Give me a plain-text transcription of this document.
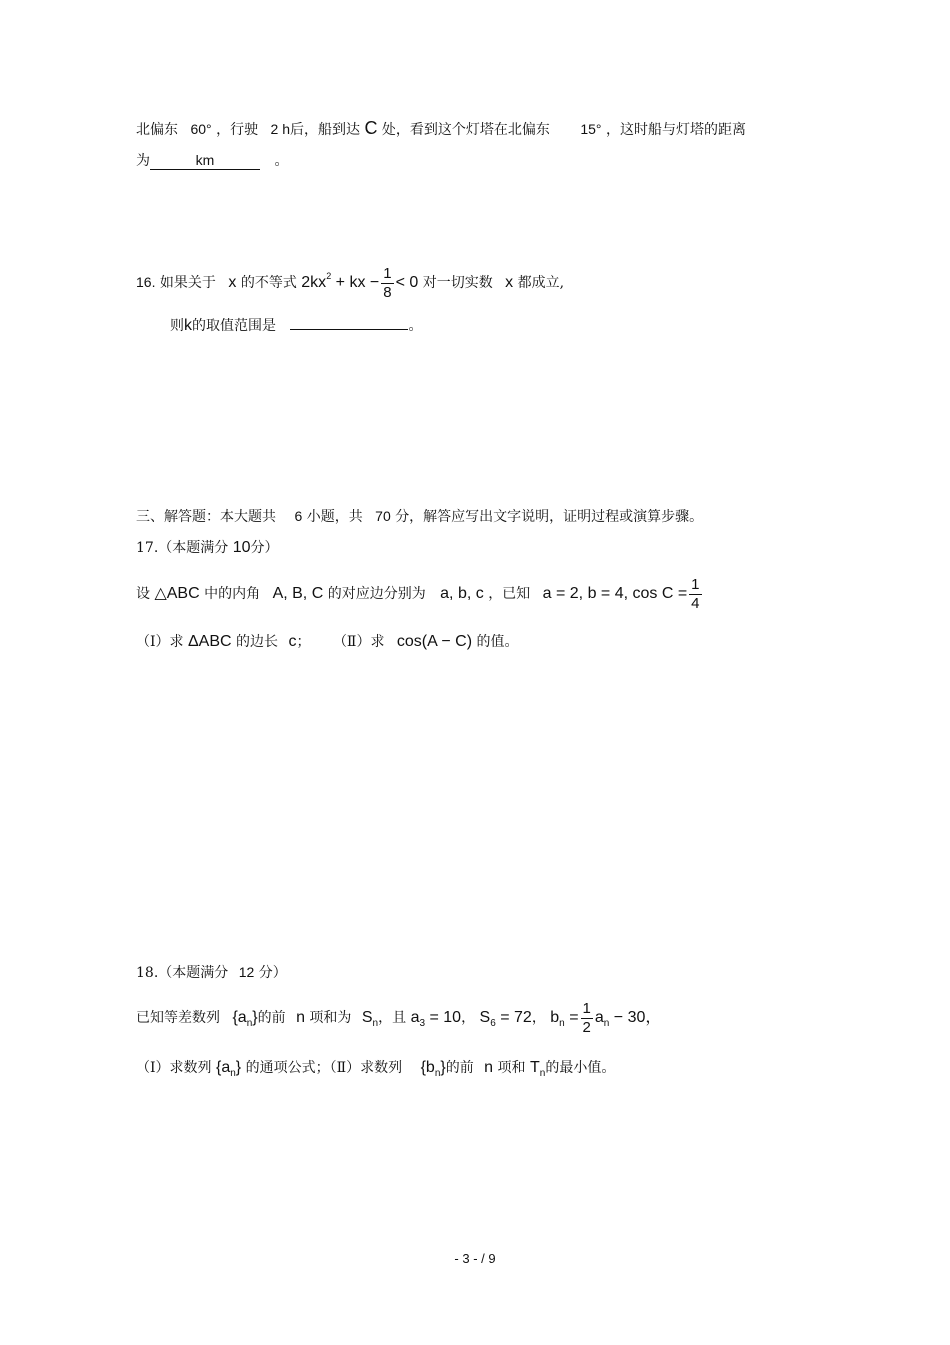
北偏东 60° ，行驶 2 h后，船到达 C 处，看到这个灯塔在北偏东 15° ，这时船与灯塔的距离
为	km	。
16. 如果关于 x 的不等式 $2kx^2$ + kx − $\frac{1}{8} < 0$ 对一切实数 x 都成立,
则k的取值范围是	。
三、解答题：本大题共 6 小题，共 70 分，解答应写出文字说明，证明过程或演算步骤。
17.（本题满分 10分）
设 △ABC 中的内角 A, B, C 的对应边分别为 a, b, c ，已知 a = 2, b = 4, $\cos C = \frac{1}{4}$
（Ⅰ）求 ΔABC 的边长 c； （Ⅱ）求 cos(A − C) 的值。
18.（本题满分 12 分）
已知等差数列 $\{a_n\}$的前 n 项和为 $S_n$，且 $a_3 = 10$， $S_6 = 72$， $b_n = \frac{1}{2} a_n - 30$，
（Ⅰ）求数列 $\{a_n\}$ 的通项公式；（Ⅱ）求数列 $\{b_n\}$的前 n 项和 $T_n$的最小值。
- 3 - / 9
